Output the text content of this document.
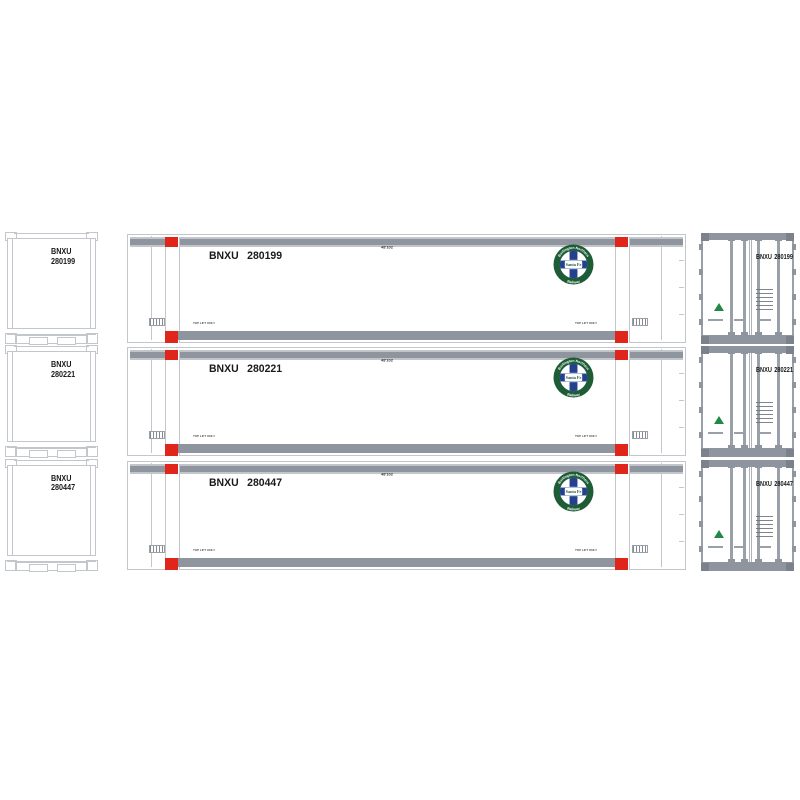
BNXU
280199	BNXU 280199
48'102
TOP LIFT ONLY	TOP LIFT ONLY
Santa Fe
Burlington Northern
Railway
BNXU 280199
BNXU
280221	BNXU 280221
48'102
TOP LIFT ONLY	TOP LIFT ONLY
Santa Fe
Burlington Northern
Railway
BNXU 280221
BNXU
280447	BNXU 280447
48'102
TOP LIFT ONLY	TOP LIFT ONLY
Santa Fe
Burlington Northern
Railway
BNXU 280447
